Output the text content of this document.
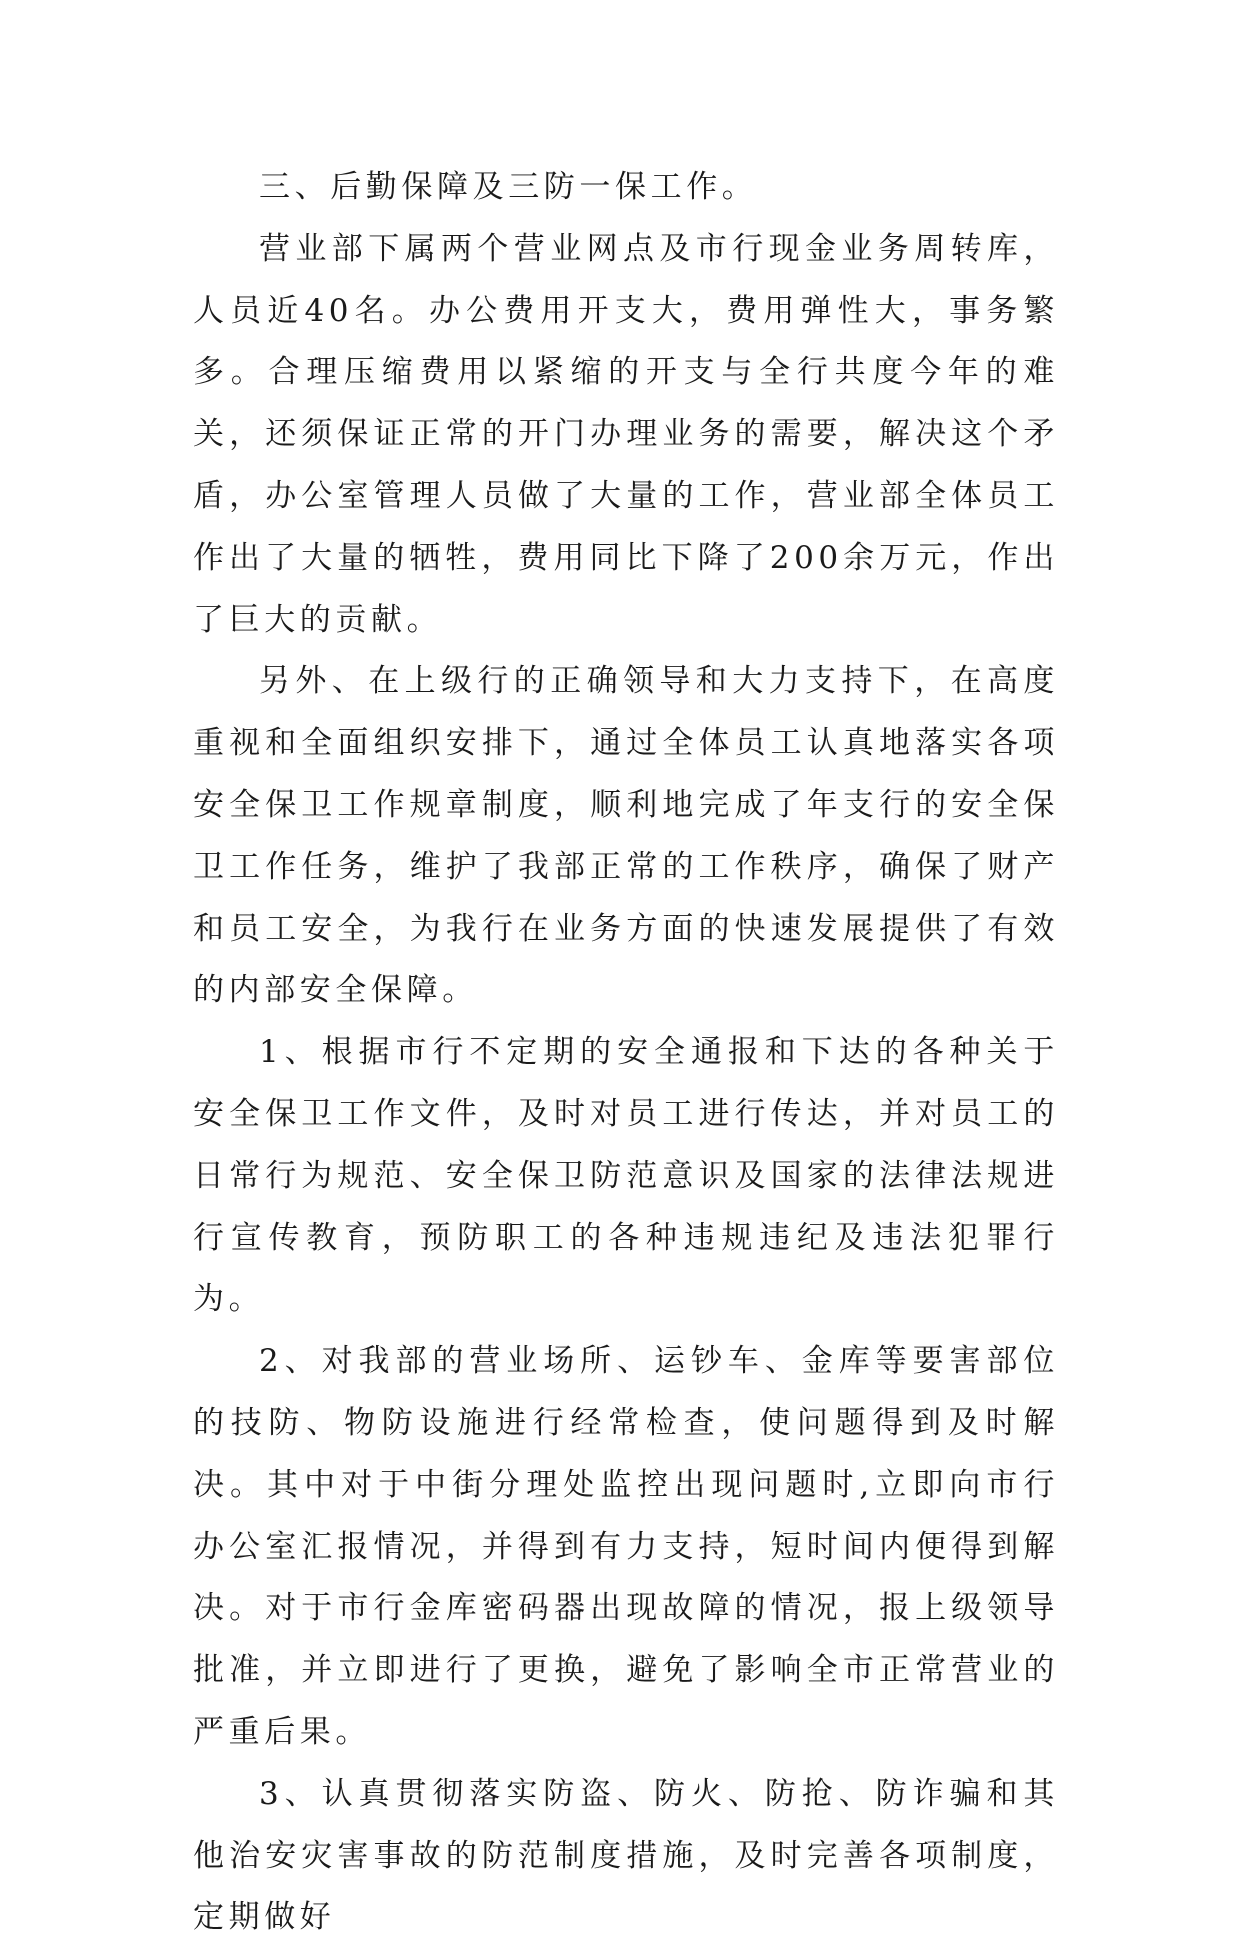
三、后勤保障及三防一保工作。

营业部下属两个营业网点及市行现金业务周转库，人员近40名。办公费用开支大，费用弹性大，事务繁多。合理压缩费用以紧缩的开支与全行共度今年的难关，还须保证正常的开门办理业务的需要，解决这个矛盾，办公室管理人员做了大量的工作，营业部全体员工作出了大量的牺牲，费用同比下降了200余万元，作出了巨大的贡献。

另外、在上级行的正确领导和大力支持下，在高度重视和全面组织安排下，通过全体员工认真地落实各项安全保卫工作规章制度，顺利地完成了年支行的安全保卫工作任务，维护了我部正常的工作秩序，确保了财产和员工安全，为我行在业务方面的快速发展提供了有效的内部安全保障。

1、根据市行不定期的安全通报和下达的各种关于安全保卫工作文件，及时对员工进行传达，并对员工的日常行为规范、安全保卫防范意识及国家的法律法规进行宣传教育，预防职工的各种违规违纪及违法犯罪行为。

2、对我部的营业场所、运钞车、金库等要害部位的技防、物防设施进行经常检查，使问题得到及时解决。其中对于中街分理处监控出现问题时,立即向市行办公室汇报情况，并得到有力支持，短时间内便得到解决。对于市行金库密码器出现故障的情况，报上级领导批准，并立即进行了更换，避免了影响全市正常营业的严重后果。

3、认真贯彻落实防盗、防火、防抢、防诈骗和其他治安灾害事故的防范制度措施，及时完善各项制度，定期做好
